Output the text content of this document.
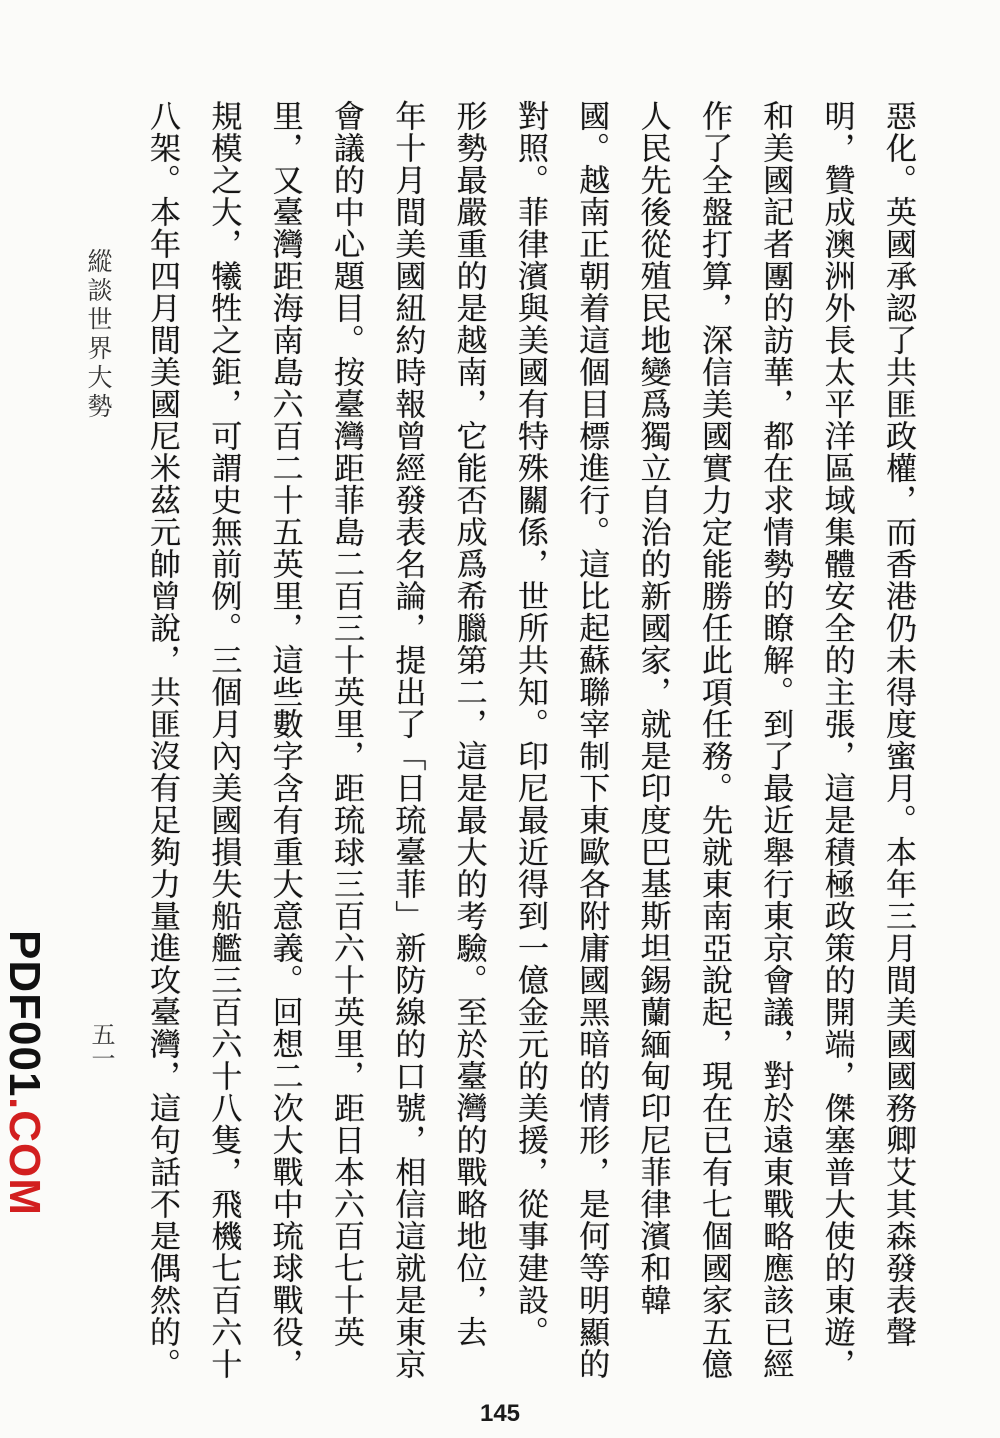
惡化。英國承認了共匪政權，而香港仍未得度蜜月。本年三月間美國國務卿艾其森發表聲
明，贊成澳洲外長太平洋區域集體安全的主張，這是積極政策的開端，傑塞普大使的東遊，
和美國記者團的訪華，都在求情勢的瞭解。到了最近舉行東京會議，對於遠東戰略應該已經
作了全盤打算，深信美國實力定能勝任此項任務。先就東南亞說起，現在已有七個國家五億
人民先後從殖民地變爲獨立自治的新國家，就是印度巴基斯坦錫蘭緬甸印尼菲律濱和韓
國。越南正朝着這個目標進行。這比起蘇聯宰制下東歐各附庸國黑暗的情形，是何等明顯的
對照。菲律濱與美國有特殊關係，世所共知。印尼最近得到一億金元的美援，從事建設。
形勢最嚴重的是越南，它能否成爲希臘第二，這是最大的考驗。至於臺灣的戰略地位，去
年十月間美國紐約時報曾經發表名論，提出了「日琉臺菲」新防線的口號，相信這就是東京
會議的中心題目。按臺灣距菲島二百三十英里，距琉球三百六十英里，距日本六百七十英
里，又臺灣距海南島六百二十五英里，這些數字含有重大意義。回想二次大戰中琉球戰役，
規模之大，犧牲之鉅，可謂史無前例。三個月內美國損失船艦三百六十八隻，飛機七百六十
八架。本年四月間美國尼米茲元帥曾說，共匪沒有足夠力量進攻臺灣，這句話不是偶然的。
縱談世界大勢
五一
PDF001
.COM
145
